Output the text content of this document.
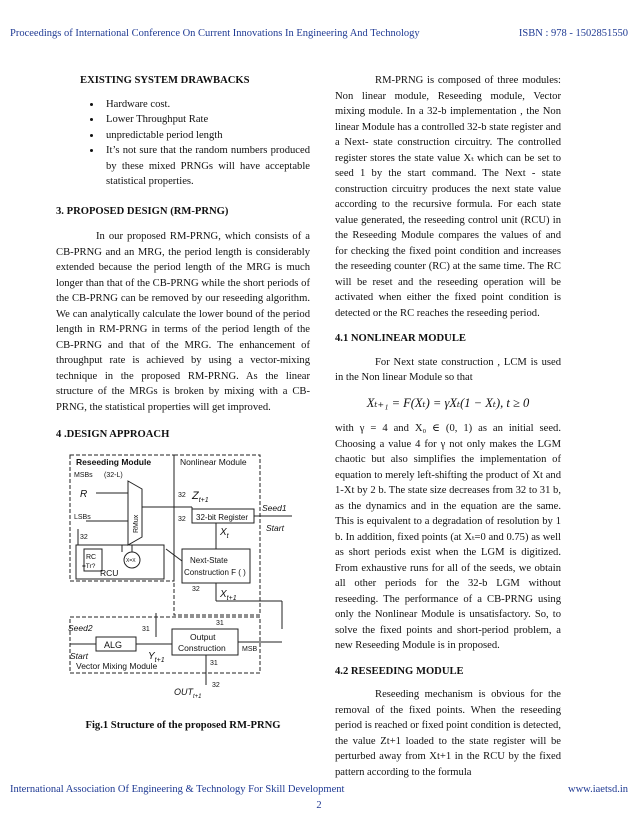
Proceedings of International Conference On Current Innovations In Engineering And Technology	ISBN : 978 - 1502851550

EXISTING SYSTEM DRAWBACKS

• Hardware cost.
• Lower Throughput Rate
• unpredictable period length
• It’s not sure that the random numbers produced by these mixed PRNGs will have acceptable statistical properties.

3. PROPOSED DESIGN (RM-PRNG)

In our proposed RM-PRNG, which consists of a CB-PRNG and an MRG, the period length is considerably extended because the period length of the MRG is much longer than that of the CB-PRNG while the short periods of the CB-PRNG can be removed by our reseeding algorithm. We can analytically calculate the lower bound of the period length in RM-PRNG in terms of the period length of the CB-PRNG and that of the MRG. The enhancement of throughput rate is achieved by using a vector-mixing technique in the proposed RM-PRNG. As the linear structure of the MRGs is broken by mixing with a CB-PRNG, the statistical properties will get improved.

4 .DESIGN APPROACH

Reseeding Module	Nonlinear Module
MSBs (32-L)
R
LSBs	RMux
32
32 $Z_{t+1}$
32 32-bit Register
Seed1
Start
$X_t$
Next-State
Construction F ( )
RC
=Tr?
RCU
X=X
32 $X_{t+1}$
31
Seed2	31
ALG
Start	$Y_{t+1}$
Output
Construction MSB
31
Vector Mixing Module
$OUT_{t+1}$
32

Fig.1 Structure of the proposed RM-PRNG

RM-PRNG is composed of three modules: Non linear module, Reseeding module, Vector mixing module. In a 32-b implementation , the Non linear Module has a controlled 32-b state register and a Next- state construction circuitry. The controlled register stores the state value Xₜ which can be set to seed 1 by the start command. The Next - state construction circuitry produces the next state value according to the recursive formula. For each state value generated, the reseeding control unit (RCU) in the Reseeding Module compares the values of and for checking the fixed point condition and increases the reseeding counter (RC) at the same time. The RC will be reset and the reseeding operation will be activated when either the fixed point condition is detected or the RC reaches the reseeding period.

4.1 NONLINEAR MODULE

For Next state construction , LCM is used in the Non linear Module so that

Xₜ₊₁ = F(Xₜ) = γXₜ(1 − Xₜ), t ≥ 0

with γ = 4 and X₀ ∈ (0, 1) as an initial seed. Choosing a value 4 for γ not only makes the LGM chaotic but also simplifies the implementation of equation to merely left-shifting the product of Xt and 1-Xt by 2 b. The state size decreases from 32 to 31 b, as the dynamics and in the equation are the same. This is equivalent to a degradation of resolution by 1 b. In addition, fixed points (at Xₜ=0 and 0.75) as well as short periods exist when the LGM is digitized. From exhaustive runs for all of the seeds, we obtain all other periods for the 32-b LGM without reseeding. The performance of a CB-PRNG using only the Nonlinear Module is unsatisfactory. So, to solve the fixed points and short-period problem, a new Reseeding Module is in proposed.

4.2 RESEEDING MODULE

Reseeding mechanism is obvious for the removal of the fixed points. When the reseeding period is reached or fixed point condition is detected, the value Zt+1 loaded to the state register will be perturbed away from Xt+1 in the RCU by the fixed pattern according to the formula

International Association Of Engineering & Technology For Skill Development	www.iaetsd.in
2
